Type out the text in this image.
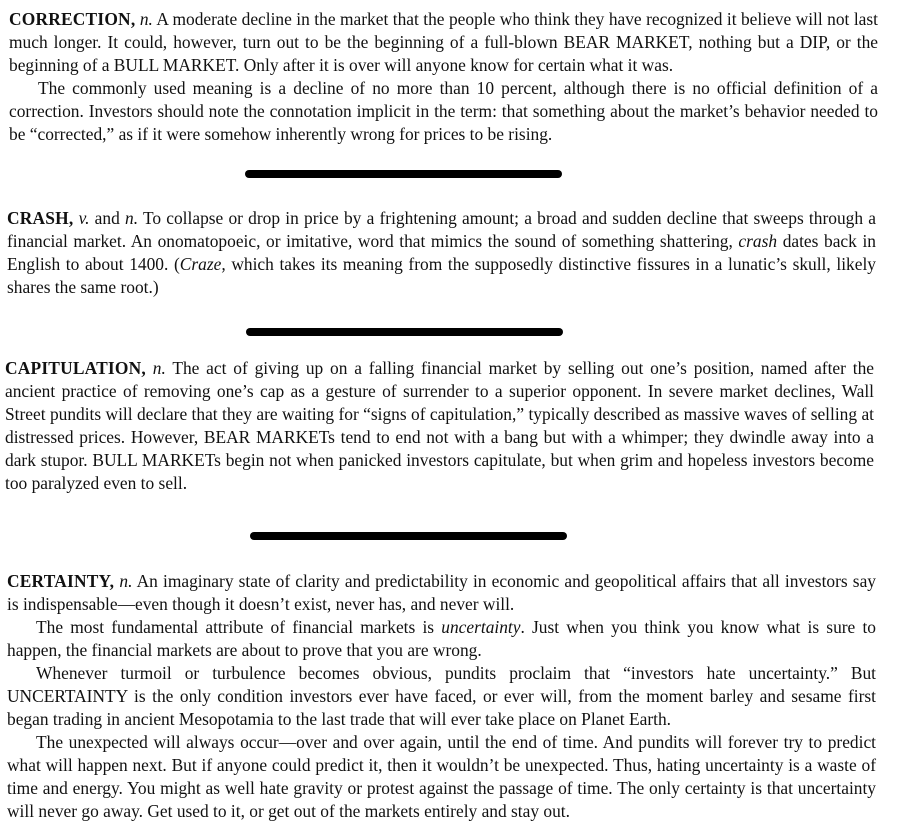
CORRECTION, n. A moderate decline in the market that the people who think they have recognized it believe will not last much longer. It could, however, turn out to be the beginning of a full-blown BEAR MARKET, nothing but a DIP, or the beginning of a BULL MARKET. Only after it is over will anyone know for certain what it was.

The commonly used meaning is a decline of no more than 10 percent, although there is no official definition of a correction. Investors should note the connotation implicit in the term: that something about the market’s behavior needed to be “corrected,” as if it were somehow inherently wrong for prices to be rising.

CRASH, v. and n. To collapse or drop in price by a frightening amount; a broad and sudden decline that sweeps through a financial market. An onomatopoeic, or imitative, word that mimics the sound of something shattering, crash dates back in English to about 1400. (Craze, which takes its meaning from the supposedly distinctive fissures in a lunatic’s skull, likely shares the same root.)

CAPITULATION, n. The act of giving up on a falling financial market by selling out one’s position, named after the ancient practice of removing one’s cap as a gesture of surrender to a superior opponent. In severe market declines, Wall Street pundits will declare that they are waiting for “signs of capitulation,” typically described as massive waves of selling at distressed prices. However, BEAR MARKETs tend to end not with a bang but with a whimper; they dwindle away into a dark stupor. BULL MARKETs begin not when panicked investors capitulate, but when grim and hopeless investors become too paralyzed even to sell.

CERTAINTY, n. An imaginary state of clarity and predictability in economic and geopolitical affairs that all investors say is indispensable—even though it doesn’t exist, never has, and never will.

The most fundamental attribute of financial markets is uncertainty. Just when you think you know what is sure to happen, the financial markets are about to prove that you are wrong.

Whenever turmoil or turbulence becomes obvious, pundits proclaim that “investors hate uncertainty.” But UNCERTAINTY is the only condition investors ever have faced, or ever will, from the moment barley and sesame first began trading in ancient Mesopotamia to the last trade that will ever take place on Planet Earth.

The unexpected will always occur—over and over again, until the end of time. And pundits will forever try to predict what will happen next. But if anyone could predict it, then it wouldn’t be unexpected. Thus, hating uncertainty is a waste of time and energy. You might as well hate gravity or protest against the passage of time. The only certainty is that uncertainty will never go away. Get used to it, or get out of the markets entirely and stay out.
